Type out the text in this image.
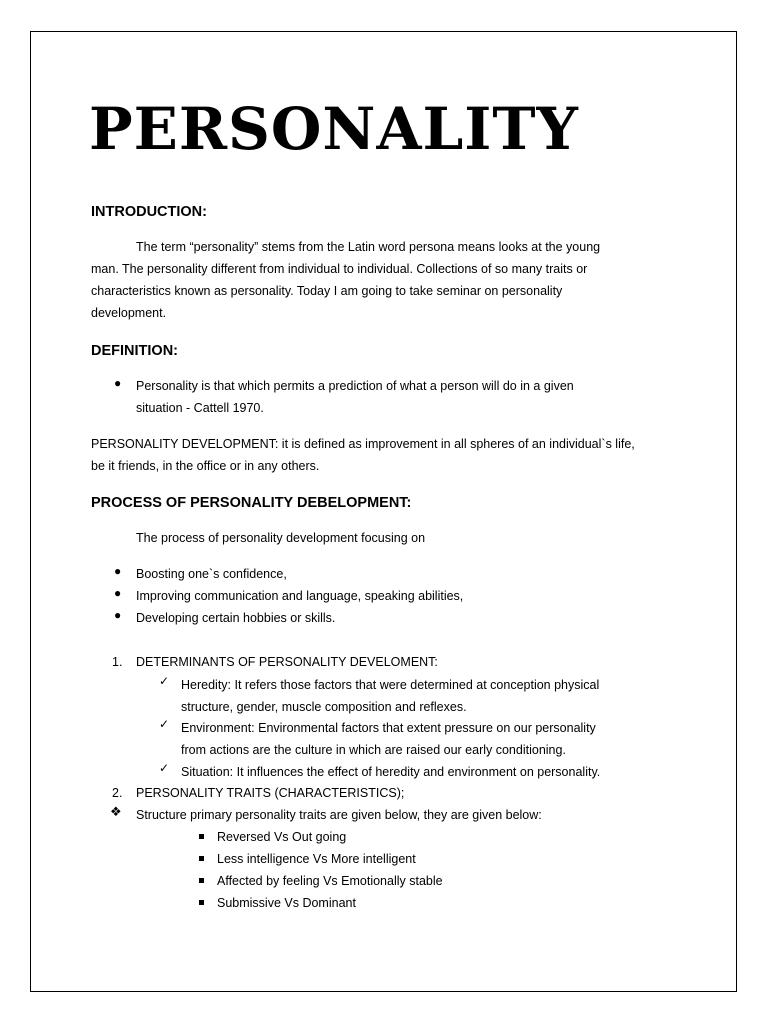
PERSONALITY
INTRODUCTION:
The term “personality” stems from the Latin word persona means looks at the young
man. The personality different from individual to individual. Collections of so many traits or
characteristics known as personality. Today I am going to take seminar on personality
development.
DEFINITION:
● Personality is that which permits a prediction of what a person will do in a given
situation - Cattell 1970.
PERSONALITY DEVELOPMENT: it is defined as improvement in all spheres of an individual`s life,
be it friends, in the office or in any others.
PROCESS OF PERSONALITY DEBELOPMENT:
The process of personality development focusing on
● Boosting one`s confidence,
● Improving communication and language, speaking abilities,
● Developing certain hobbies or skills.
1. DETERMINANTS OF PERSONALITY DEVELOMENT:
✓ Heredity: It refers those factors that were determined at conception physical
structure, gender, muscle composition and reflexes.
✓ Environment: Environmental factors that extent pressure on our personality
from actions are the culture in which are raised our early conditioning.
✓ Situation: It influences the effect of heredity and environment on personality.
2. PERSONALITY TRAITS (CHARACTERISTICS);
❖ Structure primary personality traits are given below, they are given below:
Reversed Vs Out going
Less intelligence Vs More intelligent
Affected by feeling Vs Emotionally stable
Submissive Vs Dominant
